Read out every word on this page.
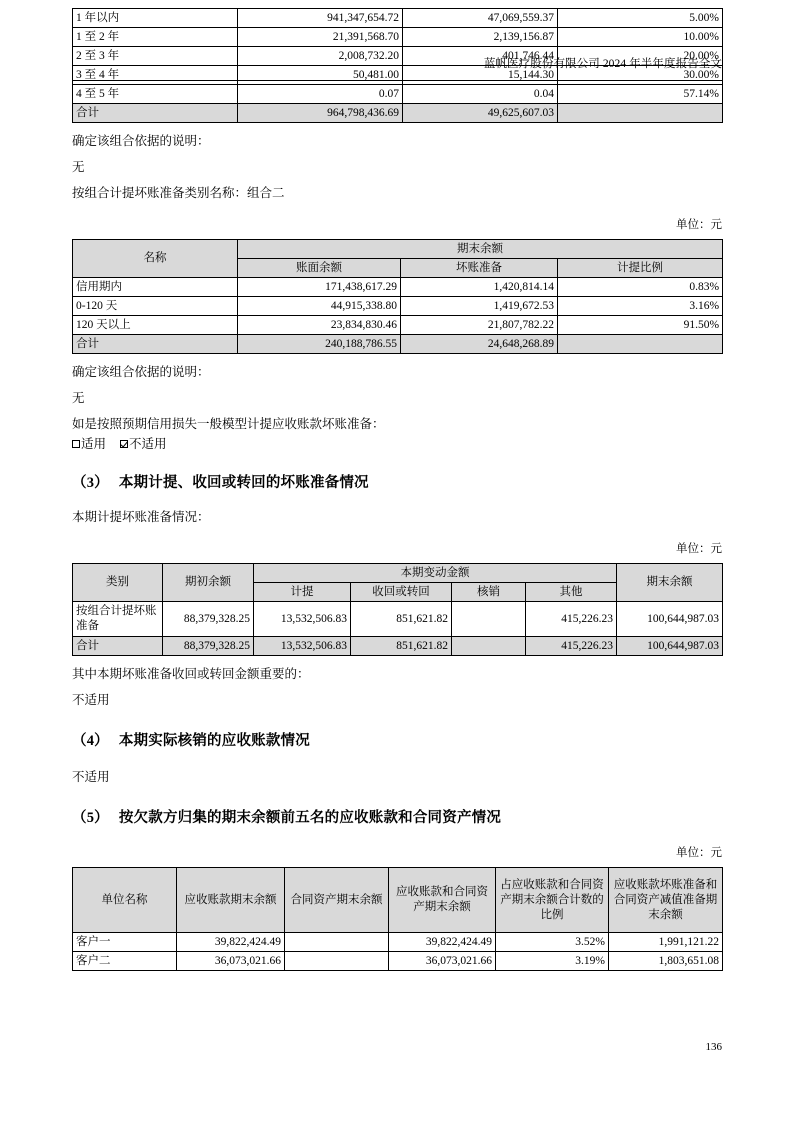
蓝帆医疗股份有限公司 2024 年半年度报告全文
1 年以内	941,347,654.72	47,069,559.37	5.00%
1 至 2 年	21,391,568.70	2,139,156.87	10.00%
2 至 3 年	2,008,732.20	401,746.44	20.00%
3 至 4 年	50,481.00	15,144.30	30.00%
4 至 5 年	0.07	0.04	57.14%
合计	964,798,436.69	49,625,607.03	

确定该组合依据的说明：

无

按组合计提坏账准备类别名称：组合二

单位：元

名称	期末余额		
	账面余额	坏账准备	计提比例
信用期内	171,438,617.29	1,420,814.14	0.83%
0-120 天	44,915,338.80	1,419,672.53	3.16%
120 天以上	23,834,830.46	21,807,782.22	91.50%
合计	240,188,786.55	24,648,268.89	

确定该组合依据的说明：

无

如是按照预期信用损失一般模型计提应收账款坏账准备：

适用 不适用

（3） 本期计提、收回或转回的坏账准备情况

本期计提坏账准备情况：

单位：元

类别	期初余额	本期变动金额				期末余额
		计提	收回或转回	核销	其他	
按组合计提坏账准备	88,379,328.25	13,532,506.83	851,621.82		415,226.23	100,644,987.03
合计	88,379,328.25	13,532,506.83	851,621.82		415,226.23	100,644,987.03

其中本期坏账准备收回或转回金额重要的：

不适用

（4） 本期实际核销的应收账款情况

不适用

（5） 按欠款方归集的期末余额前五名的应收账款和合同资产情况

单位：元

单位名称	应收账款期末余额	合同资产期末余额	应收账款和合同资产期末余额	占应收账款和合同资产期末余额合计数的比例	应收账款坏账准备和合同资产减值准备期末余额
客户一	39,822,424.49		39,822,424.49	3.52%	1,991,121.22
客户二	36,073,021.66		36,073,021.66	3.19%	1,803,651.08
136
